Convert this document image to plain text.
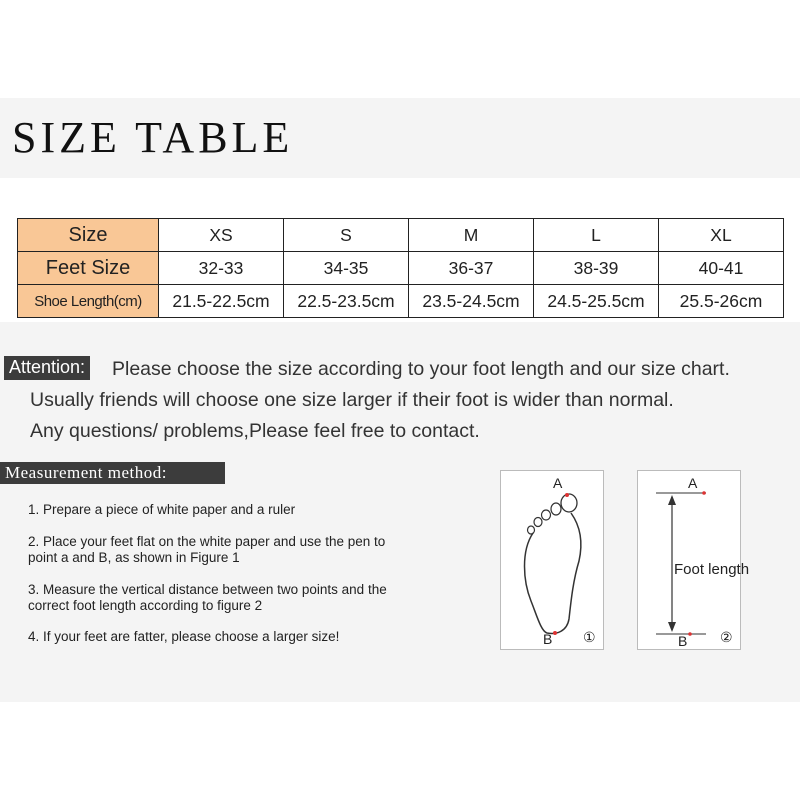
SIZE TABLE
Size	XS	S	M	L	XL
Feet Size	32-33	34-35	36-37	38-39	40-41
Shoe Length(cm)	21.5-22.5cm	22.5-23.5cm	23.5-24.5cm	24.5-25.5cm	25.5-26cm
Attention: Please choose the size according to your foot length and our size chart.
Usually friends will choose one size larger if their foot is wider than normal.
Any questions/ problems,Please feel free to contact.
Measurement method:
1. Prepare a piece of white paper and a ruler
2. Place your feet flat on the white paper and use the pen to
point a and B, as shown in Figure 1
3. Measure the vertical distance between two points and the
correct foot length according to figure 2
4. If your feet are fatter, please choose a larger size!
A
B ①
A
B ②
Foot length
